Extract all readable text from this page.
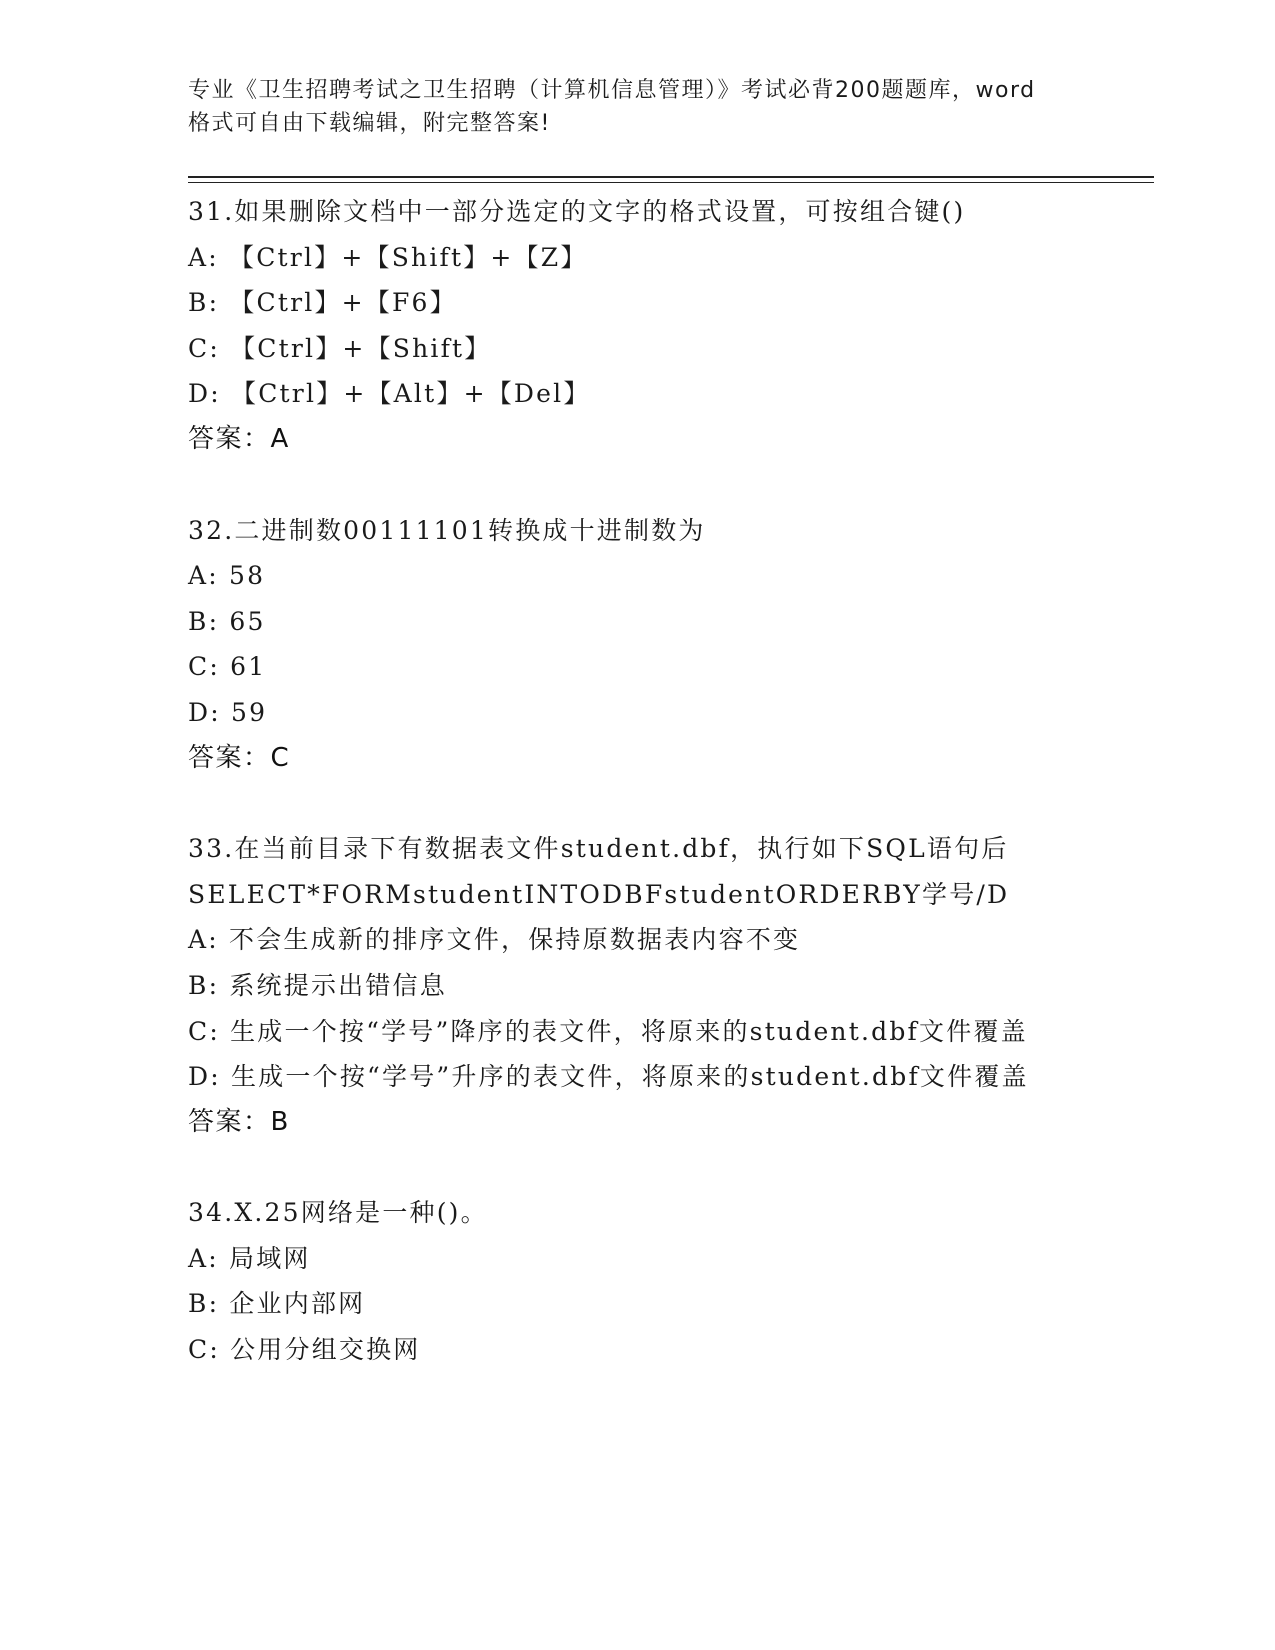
专业《卫生招聘考试之卫生招聘（计算机信息管理）》考试必背200题题库，word
格式可自由下载编辑，附完整答案!
31.如果删除文档中一部分选定的文字的格式设置，可按组合键()
A: 【Ctrl】+【Shift】+【Z】
B: 【Ctrl】+【F6】
C: 【Ctrl】+【Shift】
D: 【Ctrl】+【Alt】+【Del】
答案：A
32.二进制数00111101转换成十进制数为
A: 58
B: 65
C: 61
D: 59
答案：C
33.在当前目录下有数据表文件student.dbf，执行如下SQL语句后SELECT*FORMstudentINTODBFstudentORDERBY学号/D
A: 不会生成新的排序文件，保持原数据表内容不变
B: 系统提示出错信息
C: 生成一个按“学号”降序的表文件，将原来的student.dbf文件覆盖
D: 生成一个按“学号”升序的表文件，将原来的student.dbf文件覆盖
答案：B
34.X.25网络是一种()。
A: 局域网
B: 企业内部网
C: 公用分组交换网
